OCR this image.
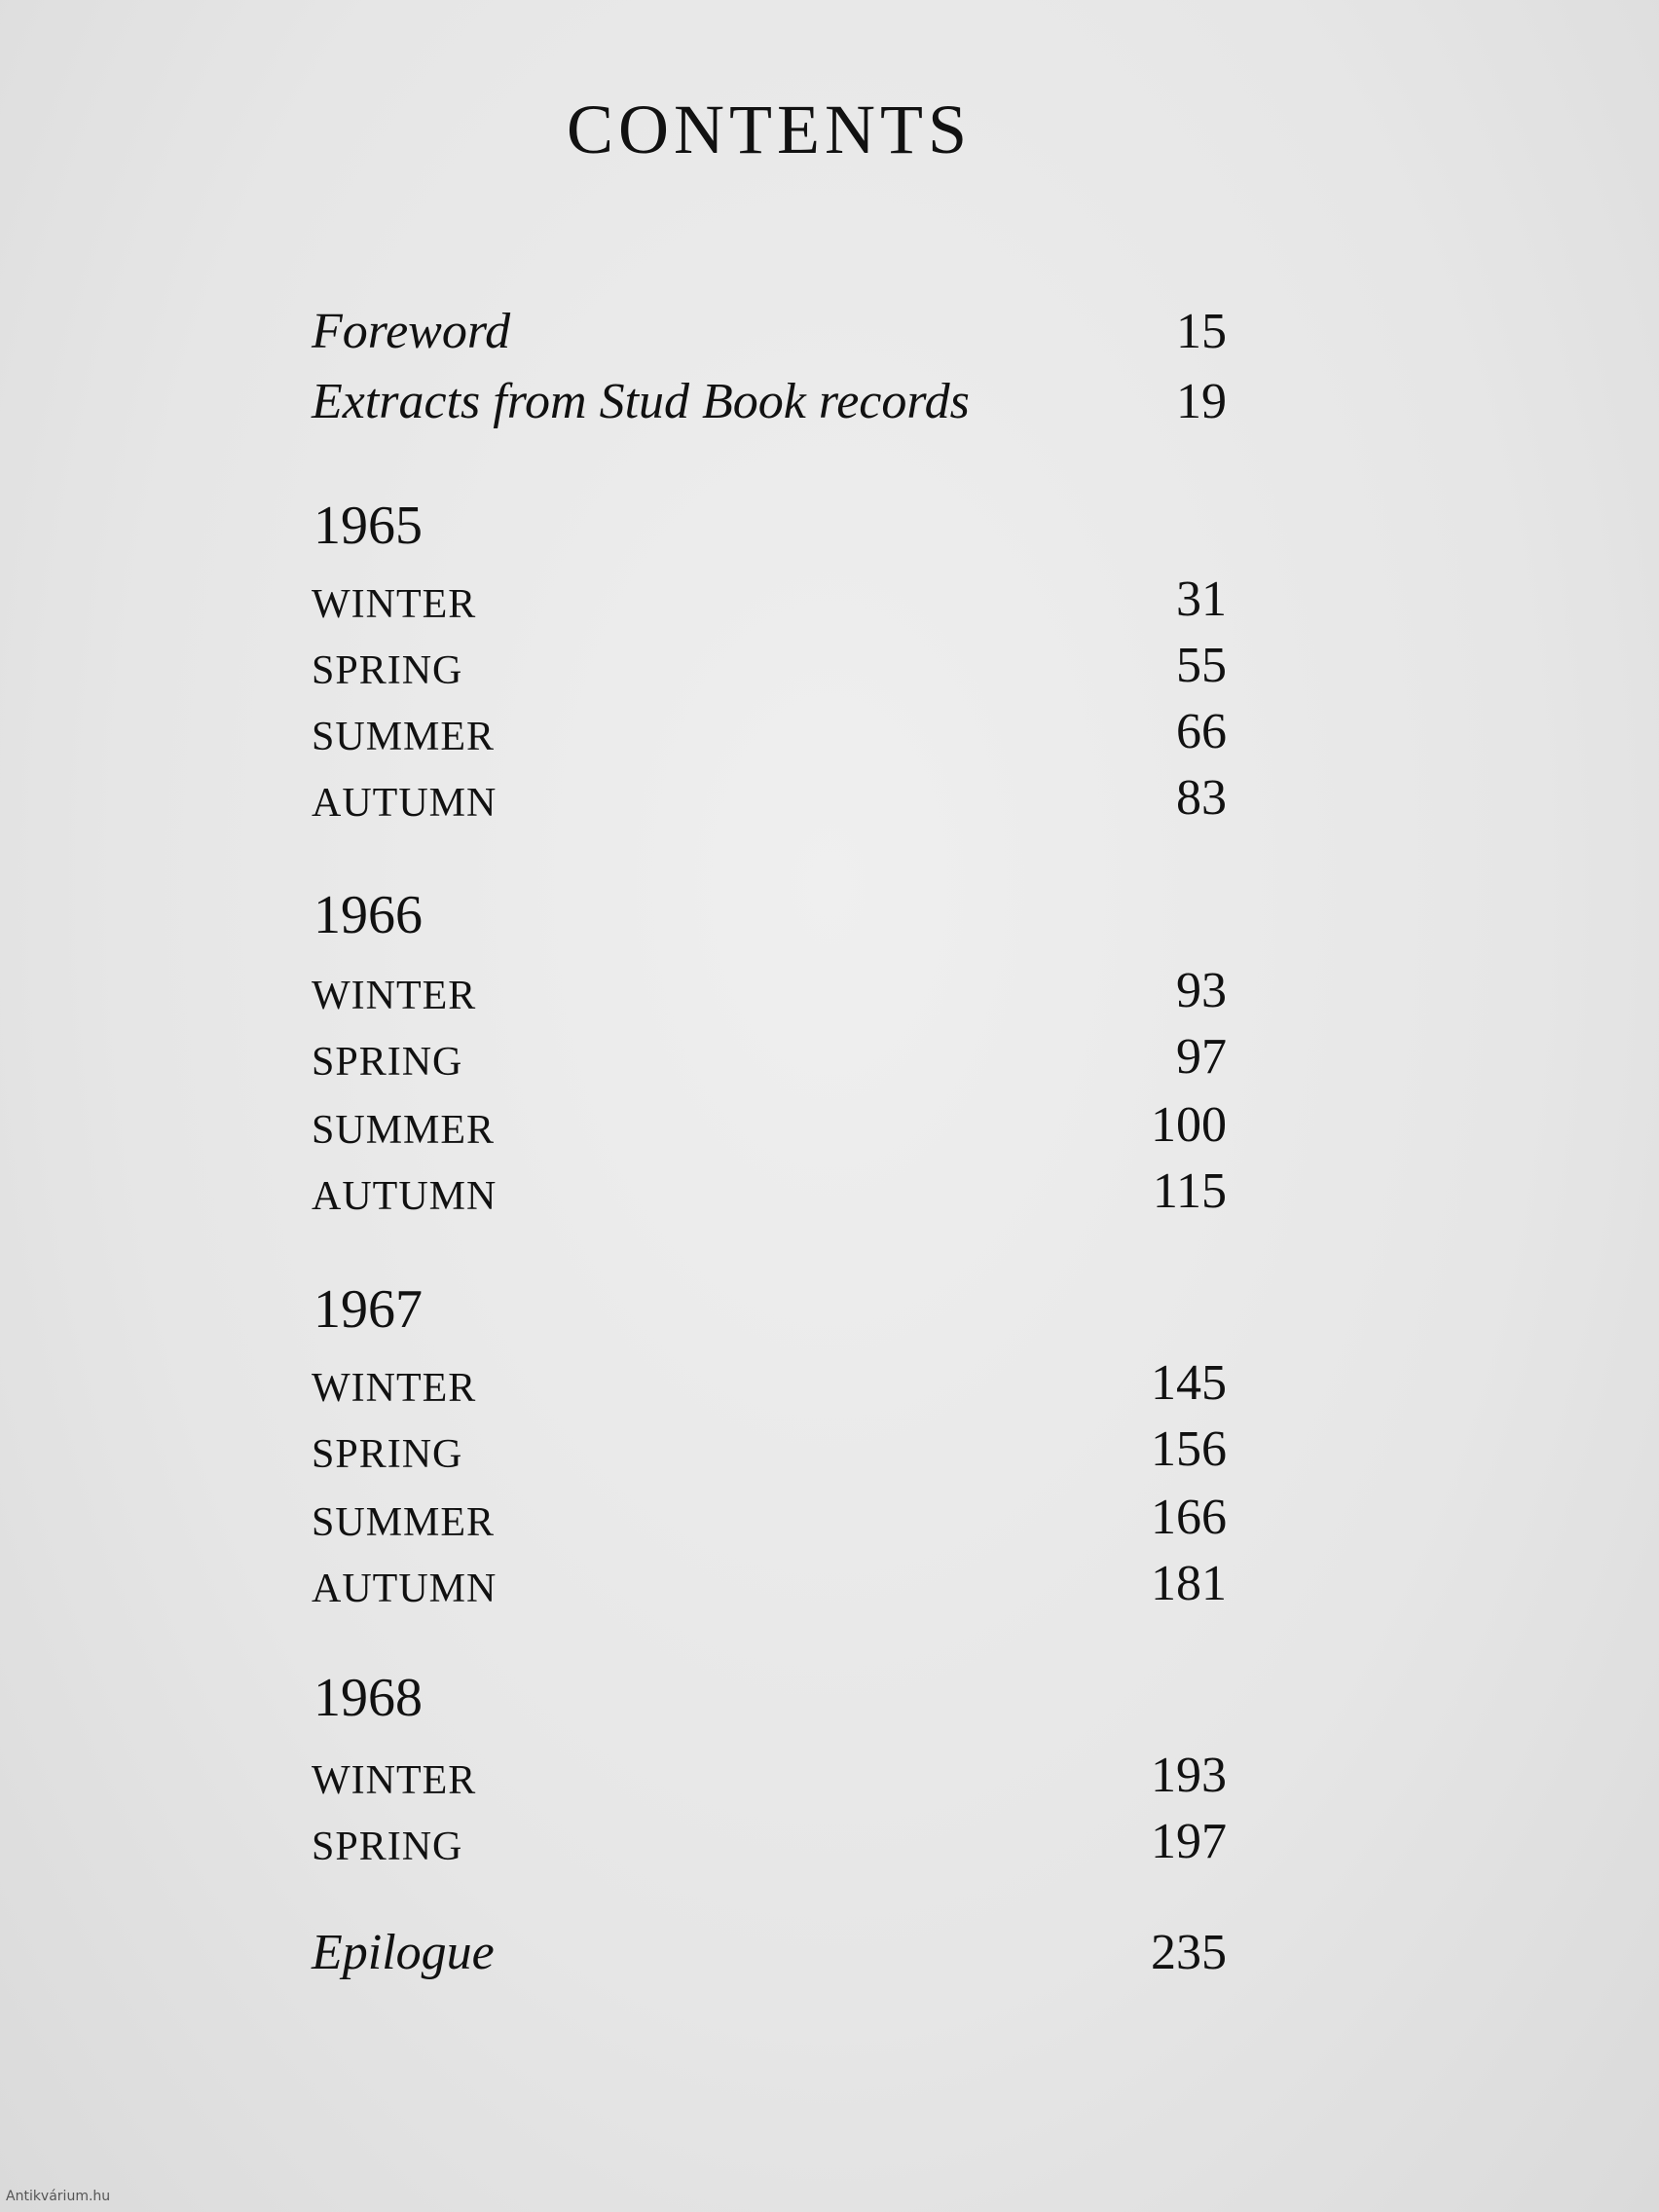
CONTENTS
Foreword	15
Extracts from Stud Book records	19
1965
WINTER	31
SPRING	55
SUMMER	66
AUTUMN	83
1966
WINTER	93
SPRING	97
SUMMER	100
AUTUMN	115
1967
WINTER	145
SPRING	156
SUMMER	166
AUTUMN	181
1968
WINTER	193
SPRING	197
Epilogue	235
Antikvárium.hu
